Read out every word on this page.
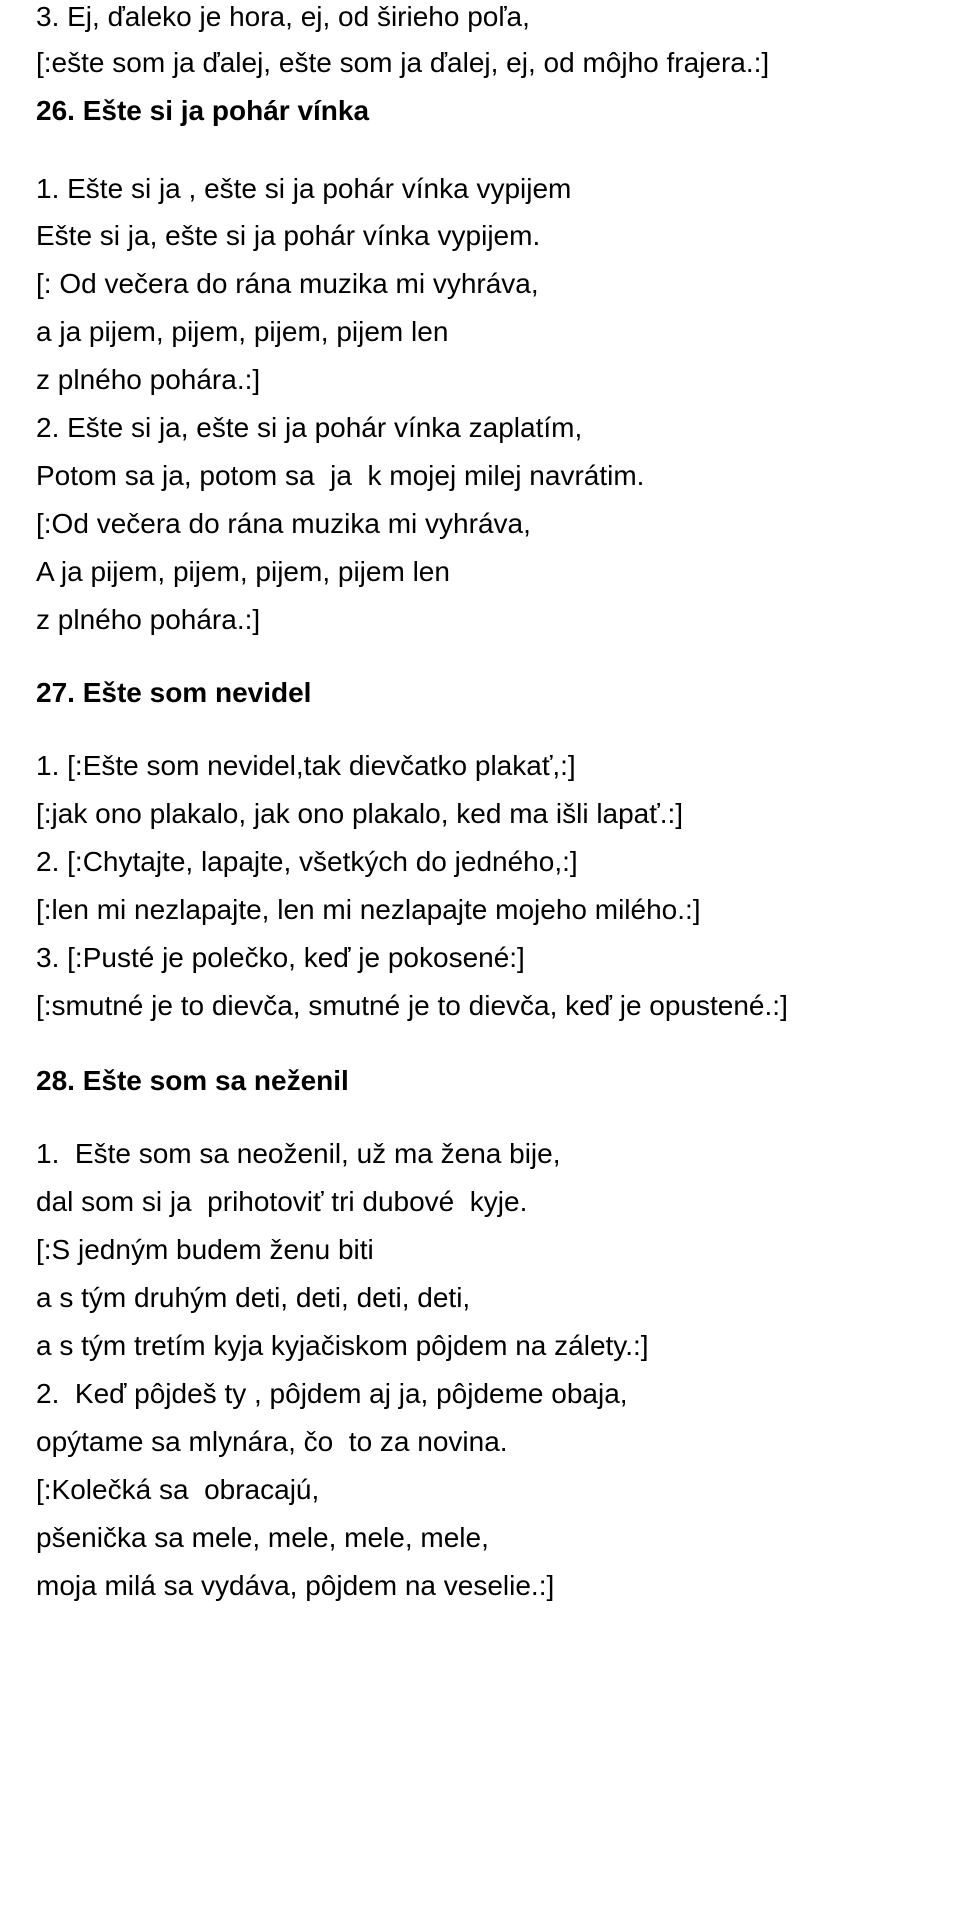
3. Ej, ďaleko je hora, ej, od širieho poľa,

[:ešte som ja ďalej, ešte som ja ďalej, ej, od môjho frajera.:]

26. Ešte si ja pohár vínka

1. Ešte si ja , ešte si ja pohár vínka vypijem

Ešte si ja, ešte si ja pohár vínka vypijem.

[: Od večera do rána muzika mi vyhráva,

a ja pijem, pijem, pijem, pijem len

z plného pohára.:]

2. Ešte si ja, ešte si ja pohár vínka zaplatím,

Potom sa ja, potom sa  ja  k mojej milej navrátim.

[:Od večera do rána muzika mi vyhráva,

A ja pijem, pijem, pijem, pijem len

z plného pohára.:]

27. Ešte som nevidel

1. [:Ešte som nevidel,tak dievčatko plakať,:]

[:jak ono plakalo, jak ono plakalo, ked ma išli lapať.:]

2. [:Chytajte, lapajte, všetkých do jedného,:]

[:len mi nezlapajte, len mi nezlapajte mojeho milého.:]

3. [:Pusté je polečko, keď je pokosené:]

[:smutné je to dievča, smutné je to dievča, keď je opustené.:]

28. Ešte som sa neženil

1.  Ešte som sa neoženil, už ma žena bije,

dal som si ja  prihotoviť tri dubové  kyje.

[:S jedným budem ženu biti

a s tým druhým deti, deti, deti, deti,

a s tým tretím kyja kyjačiskom pôjdem na zálety.:]

2.  Keď pôjdeš ty , pôjdem aj ja, pôjdeme obaja,

opýtame sa mlynára, čo  to za novina.

[:Kolečká sa  obracajú,

pšenička sa mele, mele, mele, mele,

moja milá sa vydáva, pôjdem na veselie.:]
